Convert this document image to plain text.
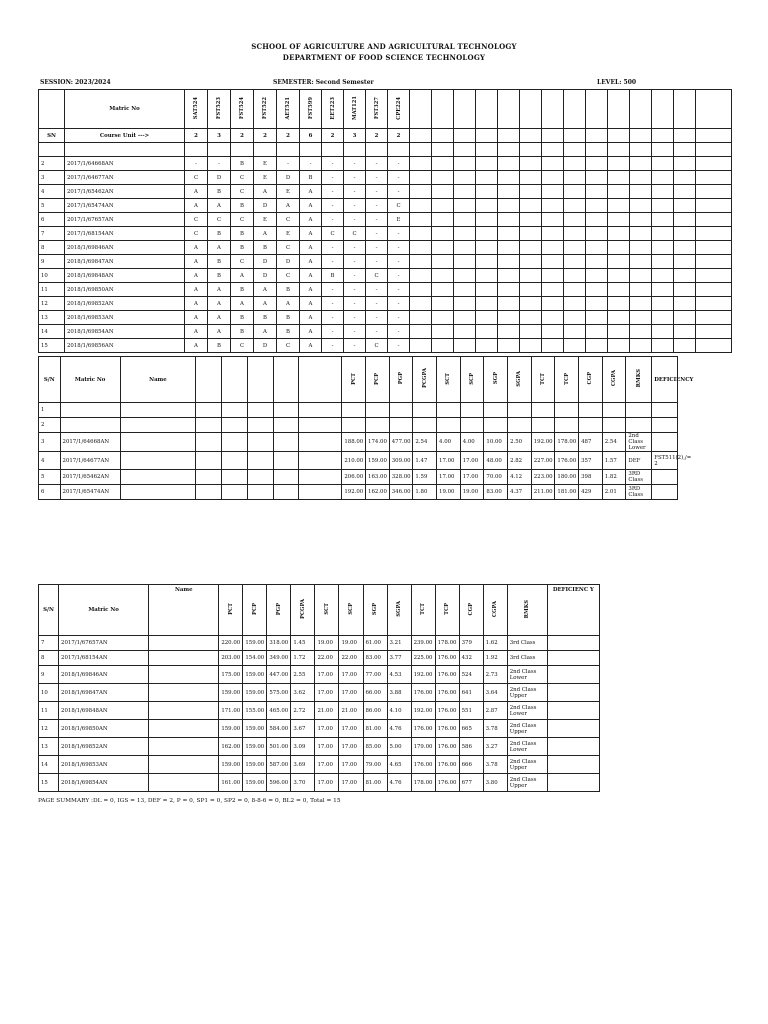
SCHOOL OF AGRICULTURE AND AGRICULTURAL TECHNOLOGY
DEPARTMENT OF FOOD SCIENCE TECHNOLOGY
SESSION: 2023/2024	SEMESTER: Second Semester	LEVEL: 500
	Matric No	SAT524	FST523	FST524	FST522	AET521	FST599	EET223	MAT121	FST327	CPE224														
SN	Course Unit --->	2	3	2	2	2	6	2	3	2	2														

2	2017/1/64668AN	-	-	B	E	-	-	-	-	-	-														
3	2017/1/64677AN	C	D	C	E	D	B	-	-	-	-														
4	2017/1/65462AN	A	B	C	A	E	A	-	-	-	-														
5	2017/1/65474AN	A	A	B	D	A	A	-	-	-	C														
6	2017/1/67657AN	C	C	C	E	C	A	-	-	-	E														
7	2017/1/68154AN	C	B	B	A	E	A	C	C	-	-														
8	2018/1/69846AN	A	A	B	B	C	A	-	-	-	-														
9	2018/1/69847AN	A	B	C	D	D	A	-	-	-	-														
10	2018/1/69848AN	A	B	A	D	C	A	B	-	C	-														
11	2018/1/69850AN	A	A	B	A	B	A	-	-	-	-														
12	2018/1/69852AN	A	A	A	A	A	A	-	-	-	-														
13	2018/1/69853AN	A	A	B	B	B	A	-	-	-	-														
14	2018/1/69854AN	A	A	B	A	B	A	-	-	-	-														
15	2018/1/69856AN	A	B	C	D	C	A	-	-	C	-														
S/N	Matric No	Name						PCT	PCP	PGP	PCGPA	SCT	SCP	SGP	SGPA	TCT	TCP	CGP	CGPA	RMKS	DEFICIENCY
1																					
2																					
3	2017/1/64668AN							188.00	174.00	477.00	2.54	4.00	4.00	10.00	2.50	192.00	178.00	487	2.54	2nd Class Lower	
4	2017/1/64677AN							210.00	159.00	309.00	1.47	17.00	17.00	48.00	2.82	227.00	176.00	357	1.57	DEF	FST511(2),/= 2
5	2017/1/65462AN							206.00	163.00	328.00	1.59	17.00	17.00	70.00	4.12	223.00	180.00	398	1.82	3RD Class	
6	2017/1/65474AN							192.00	162.00	346.00	1.80	19.00	19.00	83.00	4.37	211.00	181.00	429	2.01	3RD Class	
S/N	Matric No	Name	PCT	PCP	PGP	PCGPA	SCT	SCP	SGP	SGPA	TCT	TCP	CGP	CGPA	RMKS	DEFICIENC Y
7	2017/1/67657AN		220.00	159.00	318.00	1.45	19.00	19.00	61.00	3.21	239.00	178.00	379	1.62	3rd Class	
8	2017/1/68154AN		203.00	154.00	349.00	1.72	22.00	22.00	83.00	3.77	225.00	176.00	432	1.92	3rd Class	
9	2018/1/69846AN		175.00	159.00	447.00	2.55	17.00	17.00	77.00	4.53	192.00	176.00	524	2.73	2nd Class Lower	
10	2018/1/69847AN		159.00	159.00	575.00	3.62	17.00	17.00	66.00	3.88	176.00	176.00	641	3.64	2nd Class Upper	
11	2018/1/69848AN		171.00	155.00	465.00	2.72	21.00	21.00	86.00	4.10	192.00	176.00	551	2.87	2nd Class Lower	
12	2018/1/69850AN		159.00	159.00	584.00	3.67	17.00	17.00	81.00	4.76	176.00	176.00	665	3.78	2nd Class Upper	
13	2018/1/69852AN		162.00	159.00	501.00	3.09	17.00	17.00	85.00	5.00	179.00	176.00	586	3.27	2nd Class Lower	
14	2018/1/69853AN		159.00	159.00	587.00	3.69	17.00	17.00	79.00	4.65	176.00	176.00	666	3.78	2nd Class Upper	
15	2018/1/69854AN		161.00	159.00	596.00	3.70	17.00	17.00	81.00	4.76	178.00	176.00	677	3.80	2nd Class Upper	
PAGE SUMMARY :DL = 0, IGS = 13, DEF = 2, P = 0, SP1 = 0, SP2 = 0, 8-8-6 = 0, BL2 = 0, Total = 15
